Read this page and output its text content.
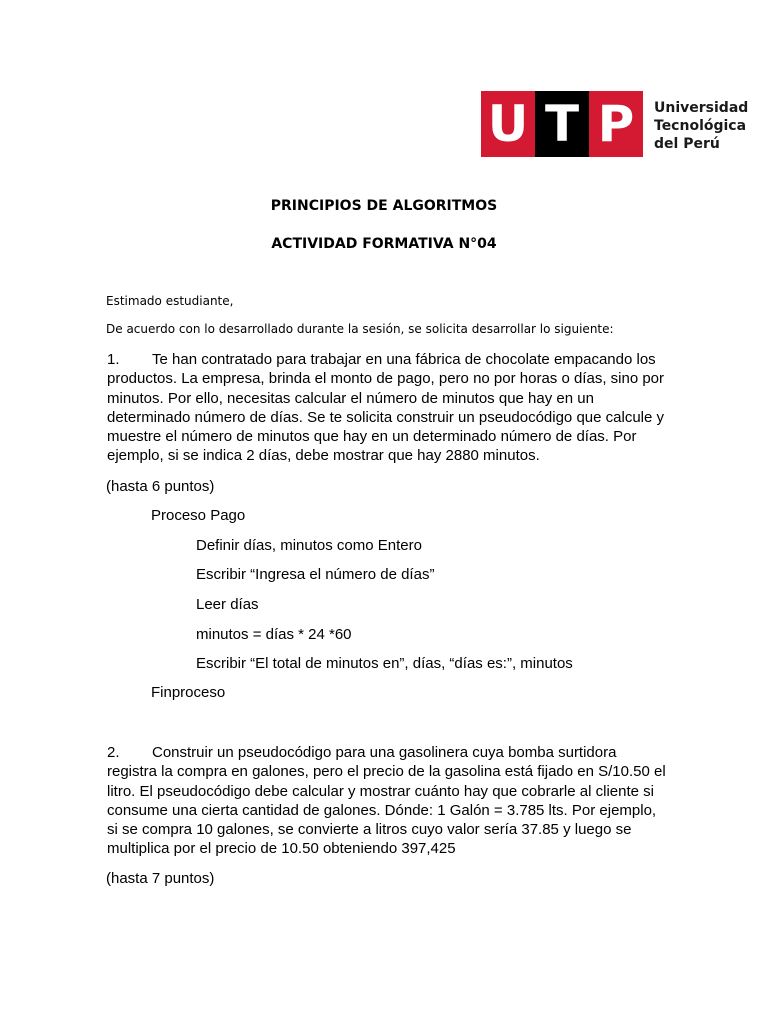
U T P	Universidad
Tecnológica
del Perú
PRINCIPIOS DE ALGORITMOS
ACTIVIDAD FORMATIVA N°04
Estimado estudiante,
De acuerdo con lo desarrollado durante la sesión, se solicita desarrollar lo siguiente:
1. Te han contratado para trabajar en una fábrica de chocolate empacando los productos. La empresa, brinda el monto de pago, pero no por horas o días, sino por minutos. Por ello, necesitas calcular el número de minutos que hay en un determinado número de días. Se te solicita construir un pseudocódigo que calcule y muestre el número de minutos que hay en un determinado número de días. Por ejemplo, si se indica 2 días, debe mostrar que hay 2880 minutos.
(hasta 6 puntos)
Proceso Pago
Definir días, minutos como Entero
Escribir “Ingresa el número de días”
Leer días
minutos = días * 24 *60
Escribir “El total de minutos en”, días, “días es:”, minutos
Finproceso
2. Construir un pseudocódigo para una gasolinera cuya bomba surtidora registra la compra en galones, pero el precio de la gasolina está fijado en S/10.50 el litro. El pseudocódigo debe calcular y mostrar cuánto hay que cobrarle al cliente si consume una cierta cantidad de galones. Dónde: 1 Galón = 3.785 lts. Por ejemplo, si se compra 10 galones, se convierte a litros cuyo valor sería 37.85 y luego se multiplica por el precio de 10.50 obteniendo 397,425
(hasta 7 puntos)
